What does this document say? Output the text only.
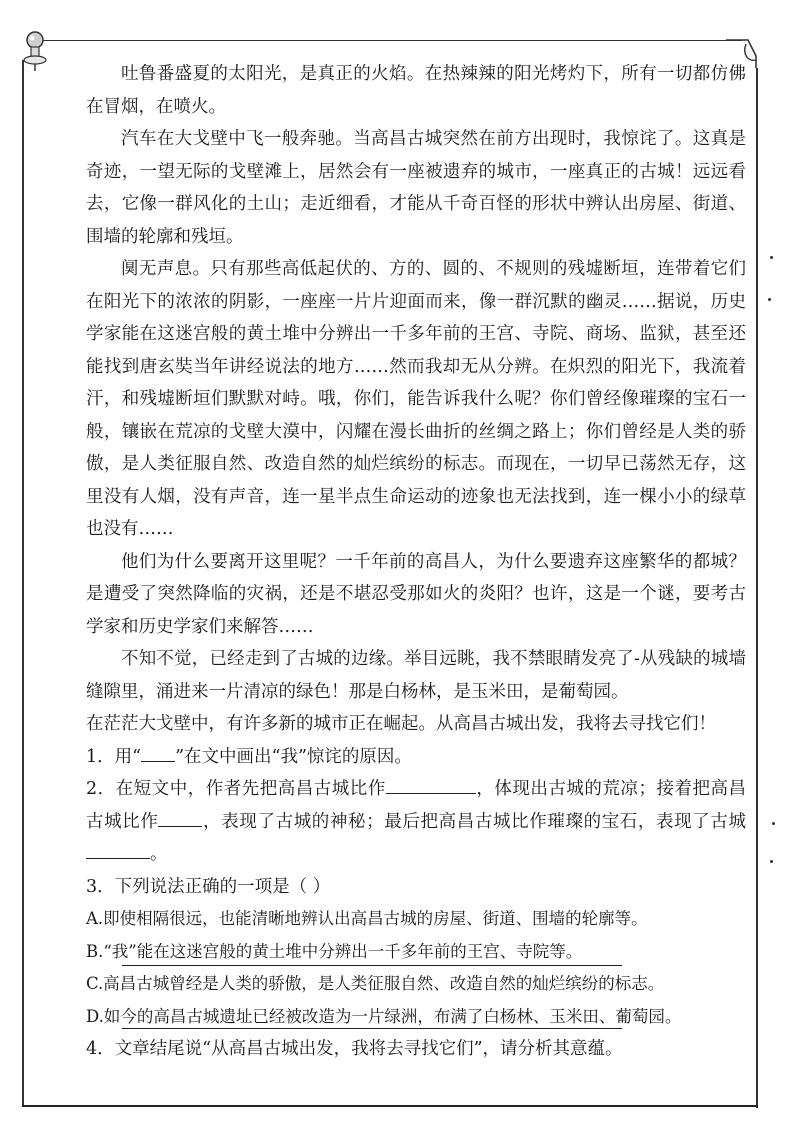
吐鲁番盛夏的太阳光，是真正的火焰。在热辣辣的阳光烤灼下，所有一切都仿佛在冒烟，在喷火。

汽车在大戈壁中飞一般奔驰。当高昌古城突然在前方出现时，我惊诧了。这真是奇迹，一望无际的戈壁滩上，居然会有一座被遗弃的城市，一座真正的古城！远远看去，它像一群风化的土山；走近细看，才能从千奇百怪的形状中辨认出房屋、街道、围墙的轮廓和残垣。

阒无声息。只有那些高低起伏的、方的、圆的、不规则的残墟断垣，连带着它们在阳光下的浓浓的阴影，一座座一片片迎面而来，像一群沉默的幽灵……据说，历史学家能在这迷宫般的黄土堆中分辨出一千多年前的王宫、寺院、商场、监狱，甚至还能找到唐玄奘当年讲经说法的地方……然而我却无从分辨。在炽烈的阳光下，我流着汗，和残墟断垣们默默对峙。哦，你们，能告诉我什么呢？你们曾经像璀璨的宝石一般，镶嵌在荒凉的戈壁大漠中，闪耀在漫长曲折的丝绸之路上；你们曾经是人类的骄傲，是人类征服自然、改造自然的灿烂缤纷的标志。而现在，一切早已荡然无存，这里没有人烟，没有声音，连一星半点生命运动的迹象也无法找到，连一棵小小的绿草也没有……

他们为什么要离开这里呢？一千年前的高昌人，为什么要遗弃这座繁华的都城？是遭受了突然降临的灾祸，还是不堪忍受那如火的炎阳？也许，这是一个谜，要考古学家和历史学家们来解答……

不知不觉，已经走到了古城的边缘。举目远眺，我不禁眼睛发亮了-从残缺的城墙缝隙里，涌进来一片清凉的绿色！那是白杨林，是玉米田，是葡萄园。

在茫茫大戈壁中，有许多新的城市正在崛起。从高昌古城出发，我将去寻找它们！

1．用“ ”在文中画出“我”惊诧的原因。

2．在短文中，作者先把高昌古城比作	，体现出古城的荒凉；接着把高昌古城比作	，表现了古城的神秘；最后把高昌古城比作璀璨的宝石，表现了古城。

3．下列说法正确的一项是（ ）

A.即使相隔很远，也能清晰地辨认出高昌古城的房屋、街道、围墙的轮廓等。

B.“我”能在这迷宫般的黄土堆中分辨出一千多年前的王宫、寺院等。

C.高昌古城曾经是人类的骄傲，是人类征服自然、改造自然的灿烂缤纷的标志。

D.如今的高昌古城遗址已经被改造为一片绿洲，布满了白杨林、玉米田、葡萄园。

4．文章结尾说“从高昌古城出发，我将去寻找它们”，请分析其意蕴。
